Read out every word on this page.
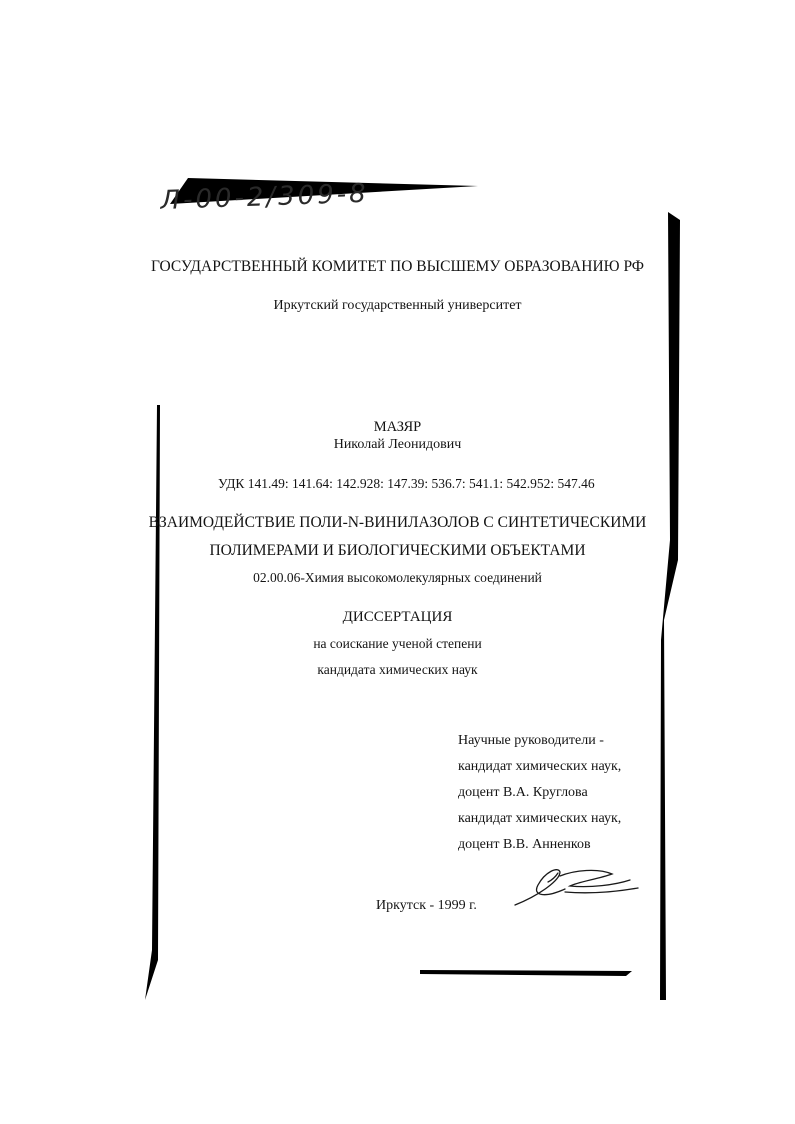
Л-00-2/309-8
ГОСУДАРСТВЕННЫЙ КОМИТЕТ ПО ВЫСШЕМУ ОБРАЗОВАНИЮ РФ
Иркутский государственный университет
МАЗЯР
Николай Леонидович
УДК 141.49: 141.64: 142.928: 147.39: 536.7: 541.1: 542.952: 547.46
ВЗАИМОДЕЙСТВИЕ ПОЛИ-N-ВИНИЛАЗОЛОВ С СИНТЕТИЧЕСКИМИ
ПОЛИМЕРАМИ И БИОЛОГИЧЕСКИМИ ОБЪЕКТАМИ
02.00.06-Химия высокомолекулярных соединений
ДИССЕРТАЦИЯ
на соискание ученой степени
кандидата химических наук
Научные руководители -
кандидат химических наук,
доцент В.А. Круглова
кандидат химических наук,
доцент В.В. Анненков
Иркутск - 1999 г.
